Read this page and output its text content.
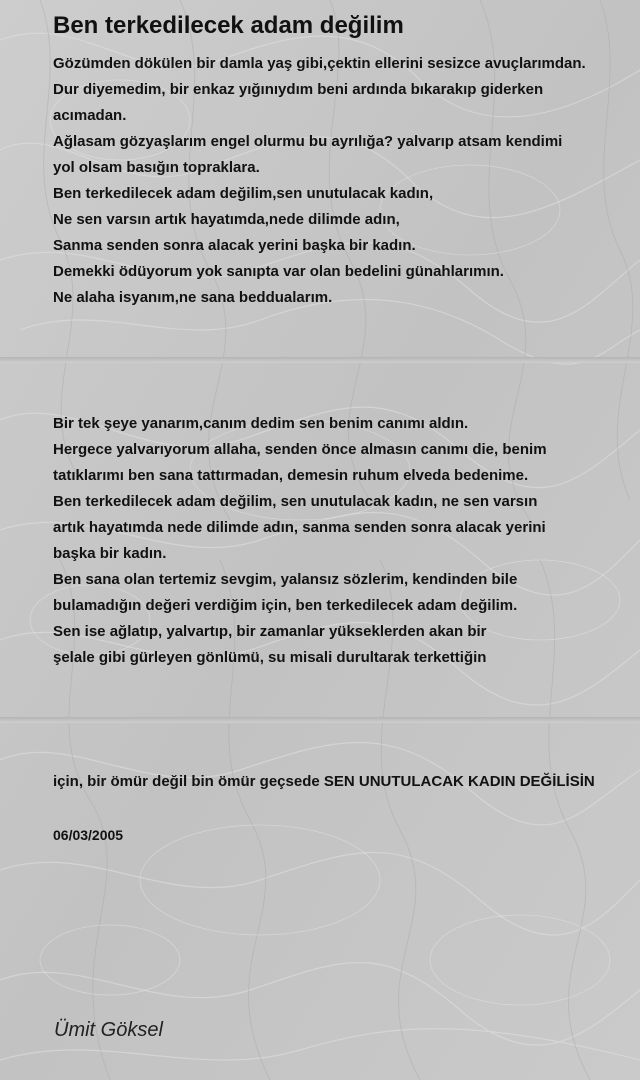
Ben terkedilecek adam değilim
Gözümden dökülen bir damla yaş gibi,çektin ellerini sesizce avuçlarımdan.
Dur diyemedim, bir enkaz yığınıydım beni ardında bıkarakıp giderken
acımadan.
Ağlasam gözyaşlarım engel olurmu bu ayrılığa? yalvarıp atsam kendimi
yol olsam basığın topraklara.
Ben terkedilecek adam değilim,sen unutulacak kadın,
Ne sen varsın artık hayatımda,nede dilimde adın,
Sanma senden sonra alacak yerini başka bir kadın.
Demekki ödüyorum yok sanıpta var olan bedelini günahlarımın.
Ne alaha isyanım,ne sana beddualarım.
Bir tek şeye yanarım,canım dedim sen benim canımı aldın.
Hergece yalvarıyorum allaha, senden önce almasın canımı die, benim
tatıklarımı ben sana tattırmadan, demesin ruhum elveda bedenime.
Ben terkedilecek adam değilim, sen unutulacak kadın, ne sen varsın
artık hayatımda nede dilimde adın, sanma senden sonra alacak yerini
başka bir kadın.
Ben sana olan tertemiz sevgim, yalansız sözlerim, kendinden bile
bulamadığın değeri verdiğim için, ben terkedilecek adam değilim.
Sen ise ağlatıp, yalvartıp, bir zamanlar yükseklerden akan bir
şelale gibi gürleyen gönlümü, su misali durultarak terkettiğin
için, bir ömür değil bin ömür geçsede SEN UNUTULACAK KADIN DEĞİLİSİN
06/03/2005
Ümit Göksel
